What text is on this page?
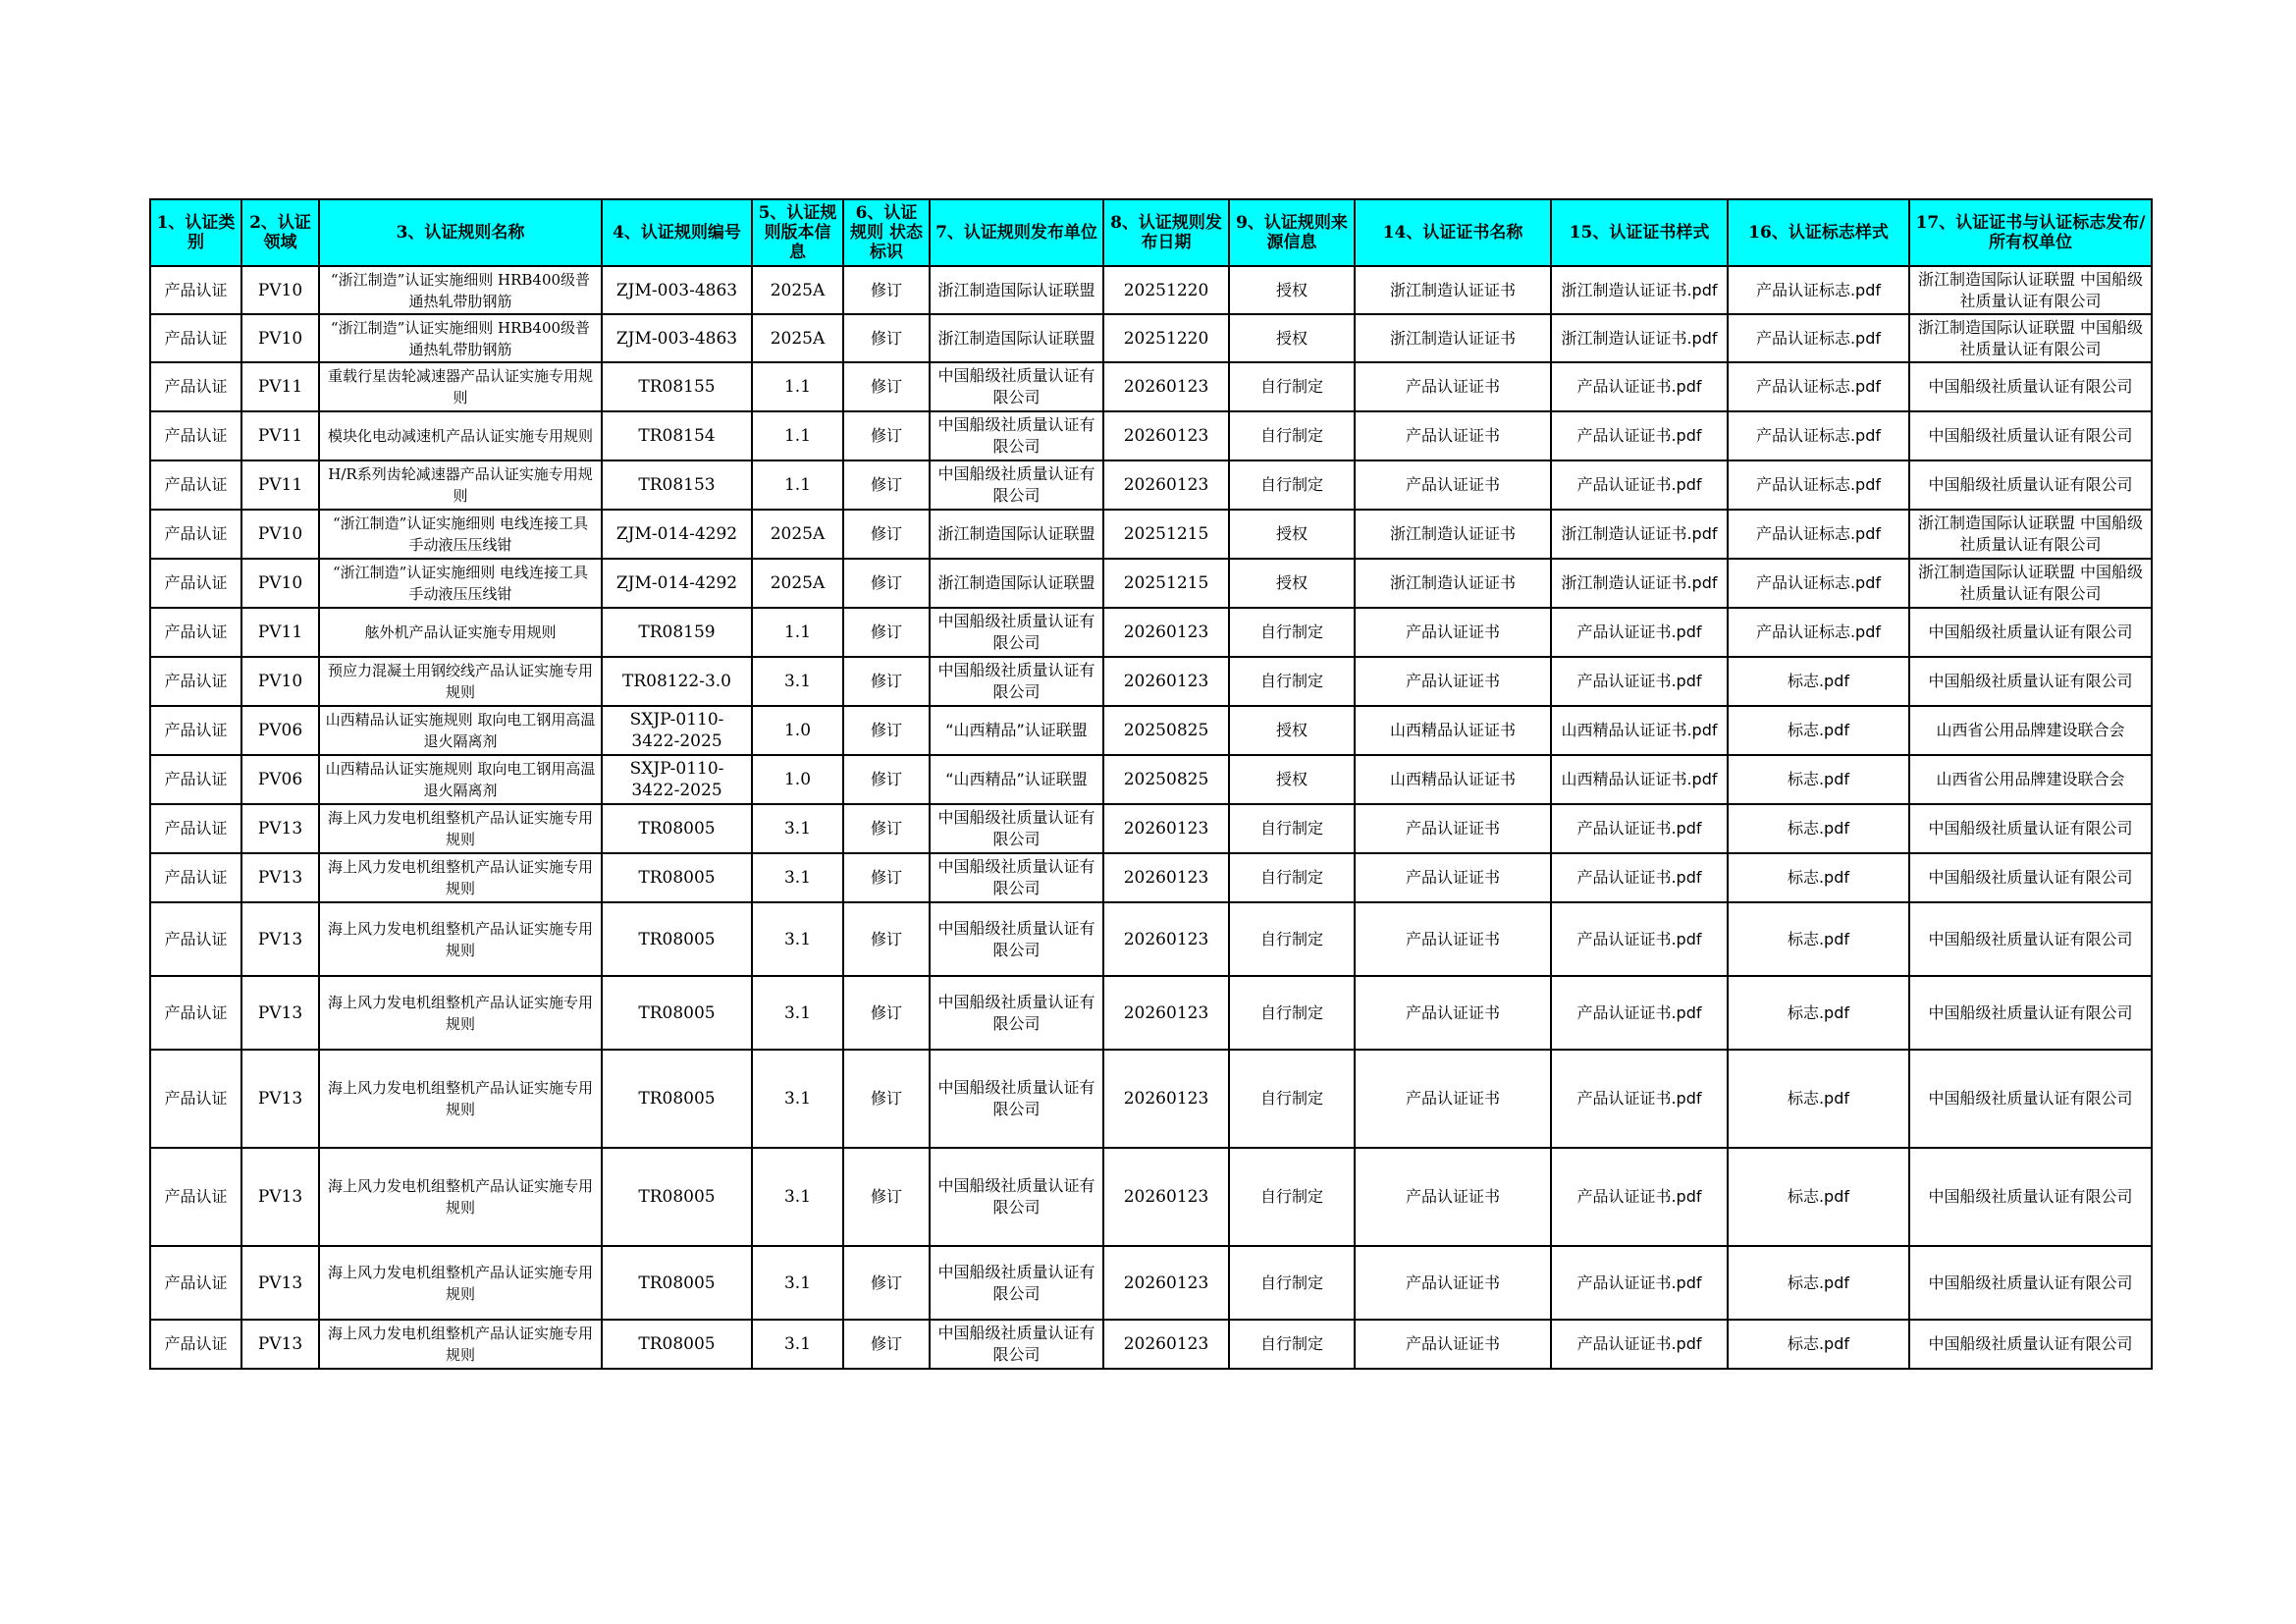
1、认证类别	2、认证领域	3、认证规则名称	4、认证规则编号	5、认证规则版本信息	6、认证规则 状态标识	7、认证规则发布单位	8、认证规则发布日期	9、认证规则来源信息	14、认证证书名称	15、认证证书样式	16、认证标志样式	17、认证证书与认证标志发布/所有权单位
产品认证	PV10	“浙江制造”认证实施细则 HRB400级普通热轧带肋钢筋	ZJM-003-4863	2025A	修订	浙江制造国际认证联盟	20251220	授权	浙江制造认证证书	浙江制造认证证书.pdf	产品认证标志.pdf	浙江制造国际认证联盟 中国船级社质量认证有限公司
产品认证	PV10	“浙江制造”认证实施细则 HRB400级普通热轧带肋钢筋	ZJM-003-4863	2025A	修订	浙江制造国际认证联盟	20251220	授权	浙江制造认证证书	浙江制造认证证书.pdf	产品认证标志.pdf	浙江制造国际认证联盟 中国船级社质量认证有限公司
产品认证	PV11	重载行星齿轮减速器产品认证实施专用规则	TR08155	1.1	修订	中国船级社质量认证有限公司	20260123	自行制定	产品认证证书	产品认证证书.pdf	产品认证标志.pdf	中国船级社质量认证有限公司
产品认证	PV11	模块化电动减速机产品认证实施专用规则	TR08154	1.1	修订	中国船级社质量认证有限公司	20260123	自行制定	产品认证证书	产品认证证书.pdf	产品认证标志.pdf	中国船级社质量认证有限公司
产品认证	PV11	H/R系列齿轮减速器产品认证实施专用规则	TR08153	1.1	修订	中国船级社质量认证有限公司	20260123	自行制定	产品认证证书	产品认证证书.pdf	产品认证标志.pdf	中国船级社质量认证有限公司
产品认证	PV10	“浙江制造”认证实施细则 电线连接工具 手动液压压线钳	ZJM-014-4292	2025A	修订	浙江制造国际认证联盟	20251215	授权	浙江制造认证证书	浙江制造认证证书.pdf	产品认证标志.pdf	浙江制造国际认证联盟 中国船级社质量认证有限公司
产品认证	PV10	“浙江制造”认证实施细则 电线连接工具 手动液压压线钳	ZJM-014-4292	2025A	修订	浙江制造国际认证联盟	20251215	授权	浙江制造认证证书	浙江制造认证证书.pdf	产品认证标志.pdf	浙江制造国际认证联盟 中国船级社质量认证有限公司
产品认证	PV11	舷外机产品认证实施专用规则	TR08159	1.1	修订	中国船级社质量认证有限公司	20260123	自行制定	产品认证证书	产品认证证书.pdf	产品认证标志.pdf	中国船级社质量认证有限公司
产品认证	PV10	预应力混凝土用钢绞线产品认证实施专用规则	TR08122-3.0	3.1	修订	中国船级社质量认证有限公司	20260123	自行制定	产品认证证书	产品认证证书.pdf	标志.pdf	中国船级社质量认证有限公司
产品认证	PV06	山西精品认证实施规则 取向电工钢用高温退火隔离剂	SXJP-0110-3422-2025	1.0	修订	“山西精品”认证联盟	20250825	授权	山西精品认证证书	山西精品认证证书.pdf	标志.pdf	山西省公用品牌建设联合会
产品认证	PV06	山西精品认证实施规则 取向电工钢用高温退火隔离剂	SXJP-0110-3422-2025	1.0	修订	“山西精品”认证联盟	20250825	授权	山西精品认证证书	山西精品认证证书.pdf	标志.pdf	山西省公用品牌建设联合会
产品认证	PV13	海上风力发电机组整机产品认证实施专用规则	TR08005	3.1	修订	中国船级社质量认证有限公司	20260123	自行制定	产品认证证书	产品认证证书.pdf	标志.pdf	中国船级社质量认证有限公司
产品认证	PV13	海上风力发电机组整机产品认证实施专用规则	TR08005	3.1	修订	中国船级社质量认证有限公司	20260123	自行制定	产品认证证书	产品认证证书.pdf	标志.pdf	中国船级社质量认证有限公司
产品认证	PV13	海上风力发电机组整机产品认证实施专用规则	TR08005	3.1	修订	中国船级社质量认证有限公司	20260123	自行制定	产品认证证书	产品认证证书.pdf	标志.pdf	中国船级社质量认证有限公司
产品认证	PV13	海上风力发电机组整机产品认证实施专用规则	TR08005	3.1	修订	中国船级社质量认证有限公司	20260123	自行制定	产品认证证书	产品认证证书.pdf	标志.pdf	中国船级社质量认证有限公司
产品认证	PV13	海上风力发电机组整机产品认证实施专用规则	TR08005	3.1	修订	中国船级社质量认证有限公司	20260123	自行制定	产品认证证书	产品认证证书.pdf	标志.pdf	中国船级社质量认证有限公司
产品认证	PV13	海上风力发电机组整机产品认证实施专用规则	TR08005	3.1	修订	中国船级社质量认证有限公司	20260123	自行制定	产品认证证书	产品认证证书.pdf	标志.pdf	中国船级社质量认证有限公司
产品认证	PV13	海上风力发电机组整机产品认证实施专用规则	TR08005	3.1	修订	中国船级社质量认证有限公司	20260123	自行制定	产品认证证书	产品认证证书.pdf	标志.pdf	中国船级社质量认证有限公司
产品认证	PV13	海上风力发电机组整机产品认证实施专用规则	TR08005	3.1	修订	中国船级社质量认证有限公司	20260123	自行制定	产品认证证书	产品认证证书.pdf	标志.pdf	中国船级社质量认证有限公司
